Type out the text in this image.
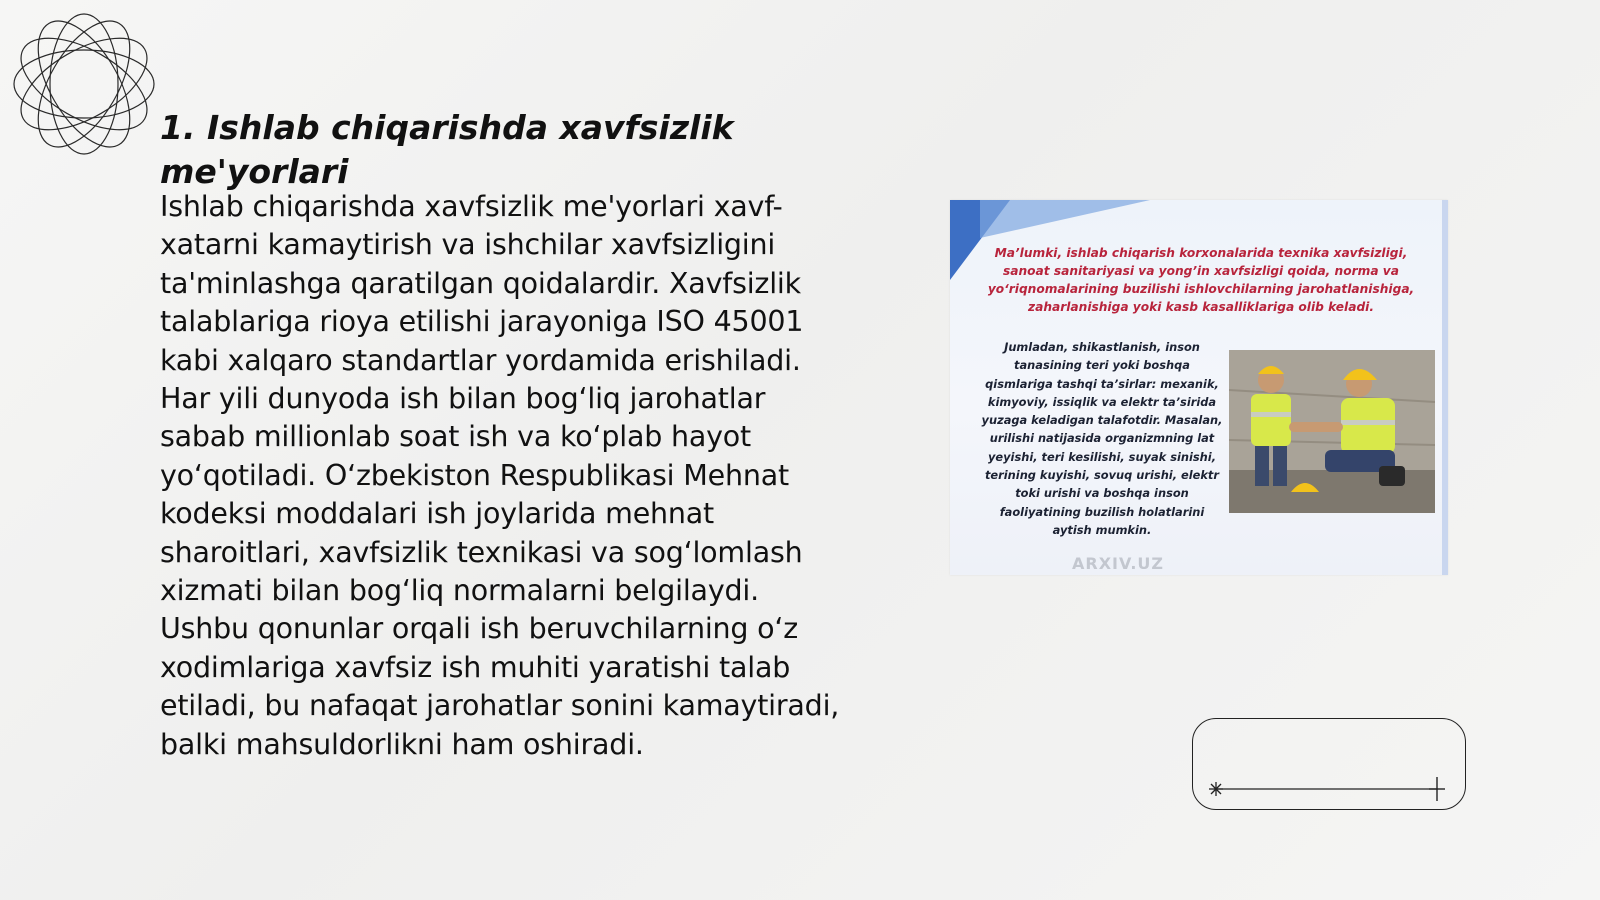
1. Ishlab chiqarishda xavfsizlik me'yorlari

Ishlab chiqarishda xavfsizlik me'yorlari xavf-xatarni kamaytirish va ishchilar xavfsizligini ta'minlashga qaratilgan qoidalardir. Xavfsizlik talablariga rioya etilishi jarayoniga ISO 45001 kabi xalqaro standartlar yordamida erishiladi. Har yili dunyoda ish bilan bog‘liq jarohatlar sabab millionlab soat ish va ko‘plab hayot yo‘qotiladi. O‘zbekiston Respublikasi Mehnat kodeksi moddalari ish joylarida mehnat sharoitlari, xavfsizlik texnikasi va sog‘lomlash xizmati bilan bog‘liq normalarni belgilaydi. Ushbu qonunlar orqali ish beruvchilarning o‘z xodimlariga xavfsiz ish muhiti yaratishi talab etiladi, bu nafaqat jarohatlar sonini kamaytiradi, balki mahsuldorlikni ham oshiradi.

Ma’lumki, ishlab chiqarish korxonalarida texnika xavfsizligi, sanoat sanitariyasi va yong’in xavfsizligi qoida, norma va yo‘riqnomalarining buzilishi ishlovchilarning jarohatlanishiga, zaharlanishiga yoki kasb kasalliklariga olib keladi.
Jumladan, shikastlanish, inson tanasining teri yoki boshqa qismlariga tashqi ta’sirlar: mexanik, kimyoviy, issiqlik va elektr ta’sirida yuzaga keladigan talafotdir. Masalan, urilishi natijasida organizmning lat yeyishi, teri kesilishi, suyak sinishi, terining kuyishi, sovuq urishi, elektr toki urishi va boshqa inson faoliyatining buzilish holatlarini aytish mumkin.
ARXIV.UZ
